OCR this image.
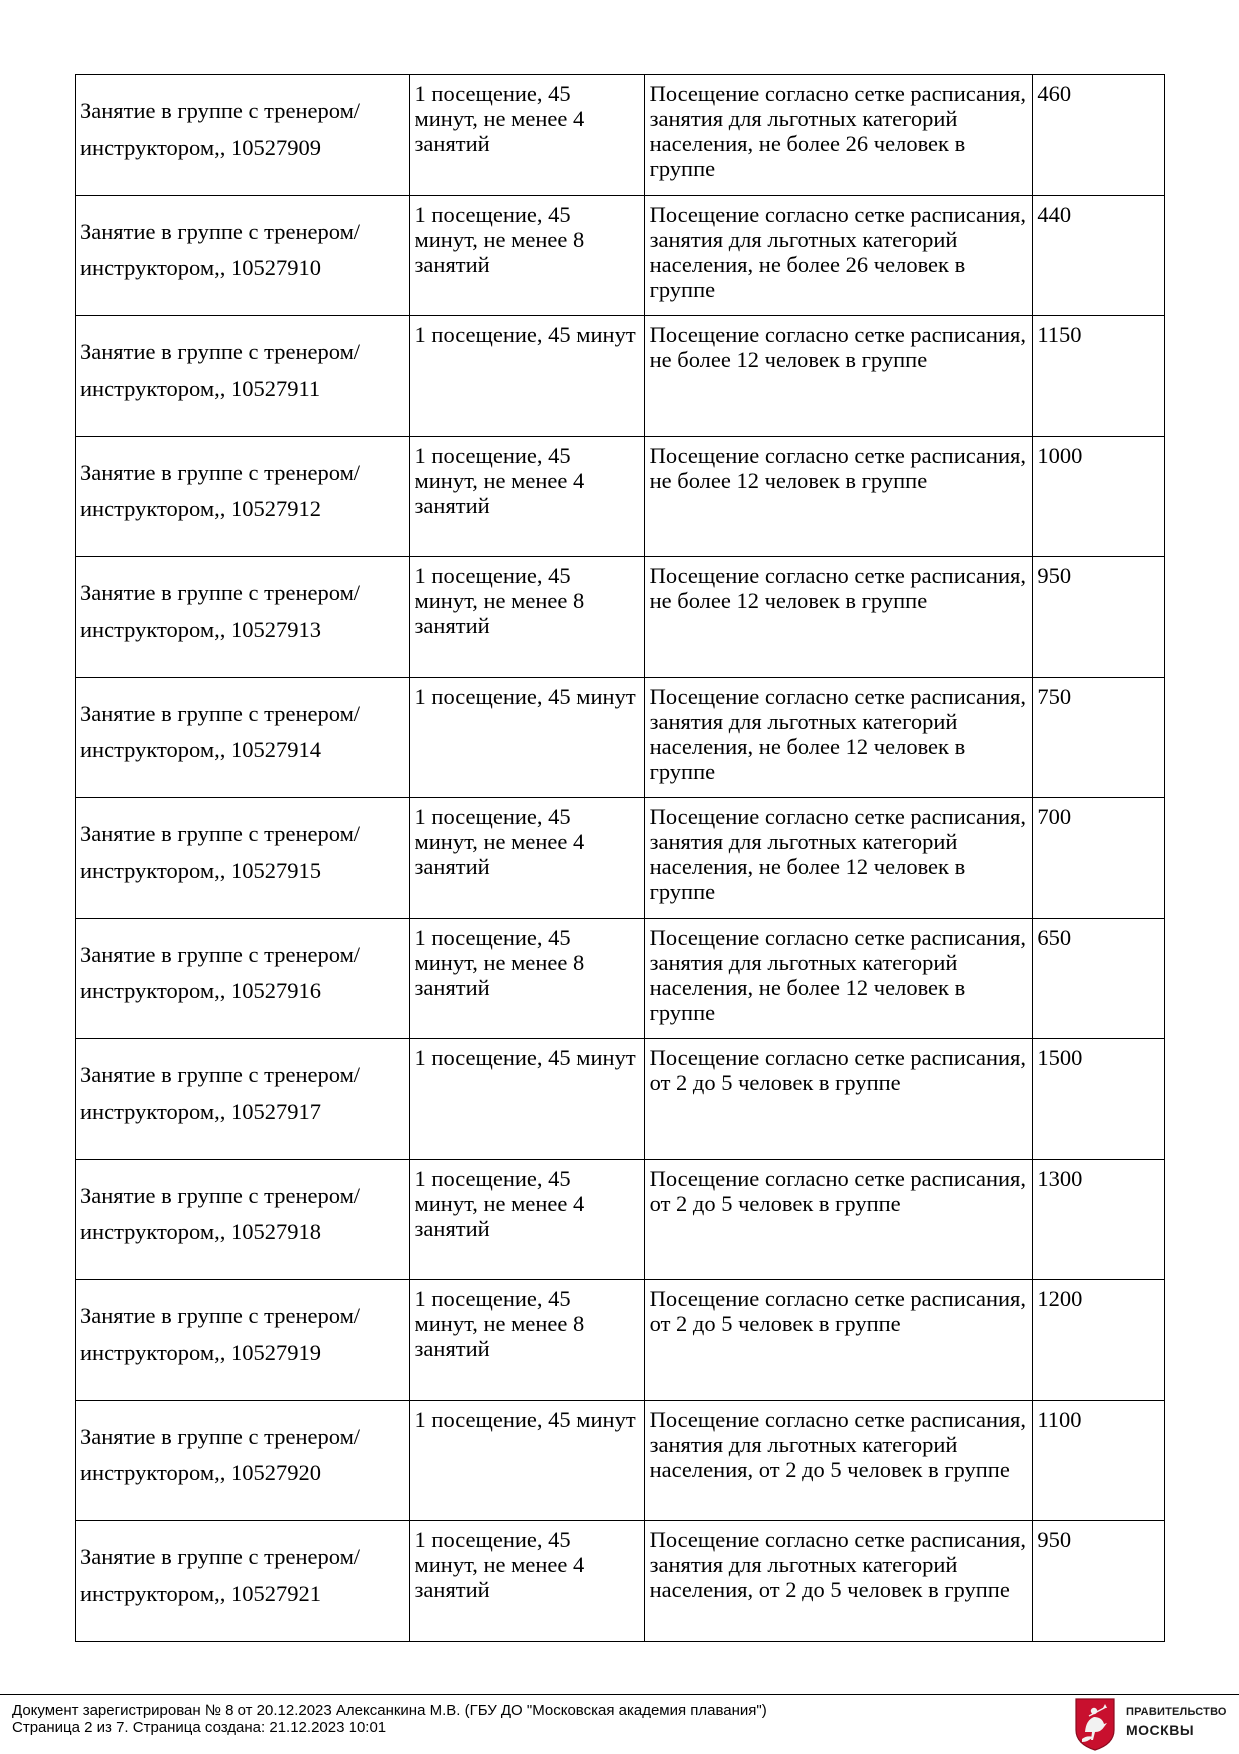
Занятие в группе с тренером/инструктором,, 10527909	1 посещение, 45 минут, не менее 4 занятий	Посещение согласно сетке расписания, занятия для льготных категорий населения, не более 26 человек в группе	460

Занятие в группе с тренером/инструктором,, 10527910	1 посещение, 45 минут, не менее 8 занятий	Посещение согласно сетке расписания, занятия для льготных категорий населения, не более 26 человек в группе	440

Занятие в группе с тренером/инструктором,, 10527911	1 посещение, 45 минут	Посещение согласно сетке расписания, не более 12 человек в группе	1150

Занятие в группе с тренером/инструктором,, 10527912	1 посещение, 45 минут, не менее 4 занятий	Посещение согласно сетке расписания, не более 12 человек в группе	1000

Занятие в группе с тренером/инструктором,, 10527913	1 посещение, 45 минут, не менее 8 занятий	Посещение согласно сетке расписания, не более 12 человек в группе	950

Занятие в группе с тренером/инструктором,, 10527914	1 посещение, 45 минут	Посещение согласно сетке расписания, занятия для льготных категорий населения, не более 12 человек в группе	750

Занятие в группе с тренером/инструктором,, 10527915	1 посещение, 45 минут, не менее 4 занятий	Посещение согласно сетке расписания, занятия для льготных категорий населения, не более 12 человек в группе	700

Занятие в группе с тренером/инструктором,, 10527916	1 посещение, 45 минут, не менее 8 занятий	Посещение согласно сетке расписания, занятия для льготных категорий населения, не более 12 человек в группе	650

Занятие в группе с тренером/инструктором,, 10527917	1 посещение, 45 минут	Посещение согласно сетке расписания, от 2 до 5 человек в группе	1500

Занятие в группе с тренером/инструктором,, 10527918	1 посещение, 45 минут, не менее 4 занятий	Посещение согласно сетке расписания, от 2 до 5 человек в группе	1300

Занятие в группе с тренером/инструктором,, 10527919	1 посещение, 45 минут, не менее 8 занятий	Посещение согласно сетке расписания, от 2 до 5 человек в группе	1200

Занятие в группе с тренером/инструктором,, 10527920	1 посещение, 45 минут	Посещение согласно сетке расписания, занятия для льготных категорий населения, от 2 до 5 человек в группе	1100

Занятие в группе с тренером/инструктором,, 10527921	1 посещение, 45 минут, не менее 4 занятий	Посещение согласно сетке расписания, занятия для льготных категорий населения, от 2 до 5 человек в группе	950
Документ зарегистрирован № 8 от 20.12.2023 Алексанкина М.В. (ГБУ ДО "Московская академия плавания")
Страница 2 из 7. Страница создана: 21.12.2023 10:01
ПРАВИТЕЛЬСТВО
МОСКВЫ
